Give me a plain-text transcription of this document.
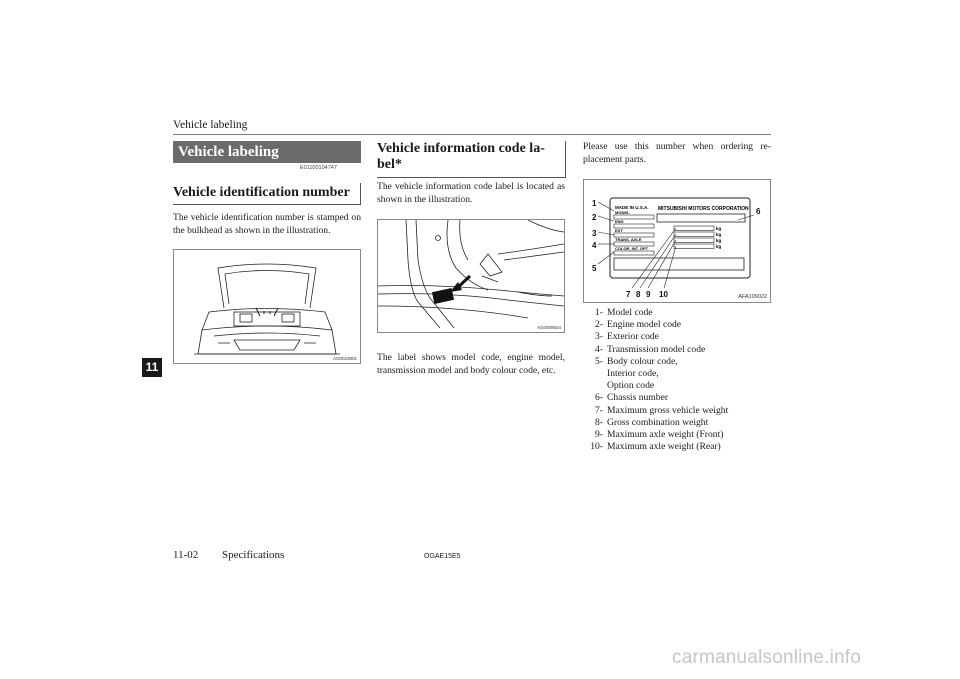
Vehicle labeling
Vehicle labeling
E01100104747
Vehicle identification number
The vehicle identification number is stamped on the bulkhead as shown in the illustration.
AG0023801
Vehicle information code la-
bel*
The vehicle information code label is located as shown in the illustration.
AG0009504
The label shows model code, engine model, transmission model and body colour code, etc.
Please use this number when ordering re-placement parts.
MADE IN U.S.A.
MODEL
ENG
EXT
TRANS. AXLE
COLOR, INT, OPT
MITSUBISHI MOTORS CORPORATION
kg
kg
kg
kg
1
2
3
4
5
6
7 8 9 10	AFA109022
1- Model code
2- Engine model code
3- Exterior code
4- Transmission model code
5- Body colour code,
Interior code,
Option code
6- Chassis number
7- Maximum gross vehicle weight
8- Gross combination weight
9- Maximum axle weight (Front)
10- Maximum axle weight (Rear)
11
11-02 Specifications	OGAE15E5
carmanualsonline.info
